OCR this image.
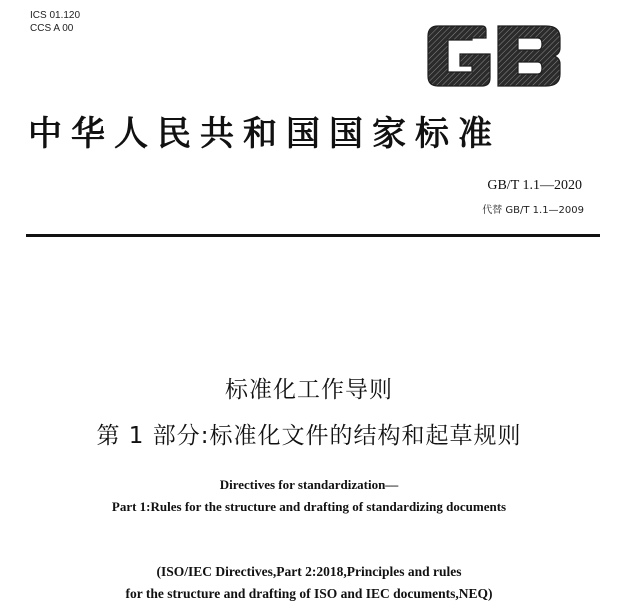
ICS 01.120
CCS A 00	GB
中华人民共和国国家标准
GB/T 1.1—2020
代替 GB/T 1.1—2009
标准化工作导则
第 1 部分:标准化文件的结构和起草规则
Directives for standardization—
Part 1:Rules for the structure and drafting of standardizing documents
(ISO/IEC Directives,Part 2:2018,Principles and rules
for the structure and drafting of ISO and IEC documents,NEQ)
